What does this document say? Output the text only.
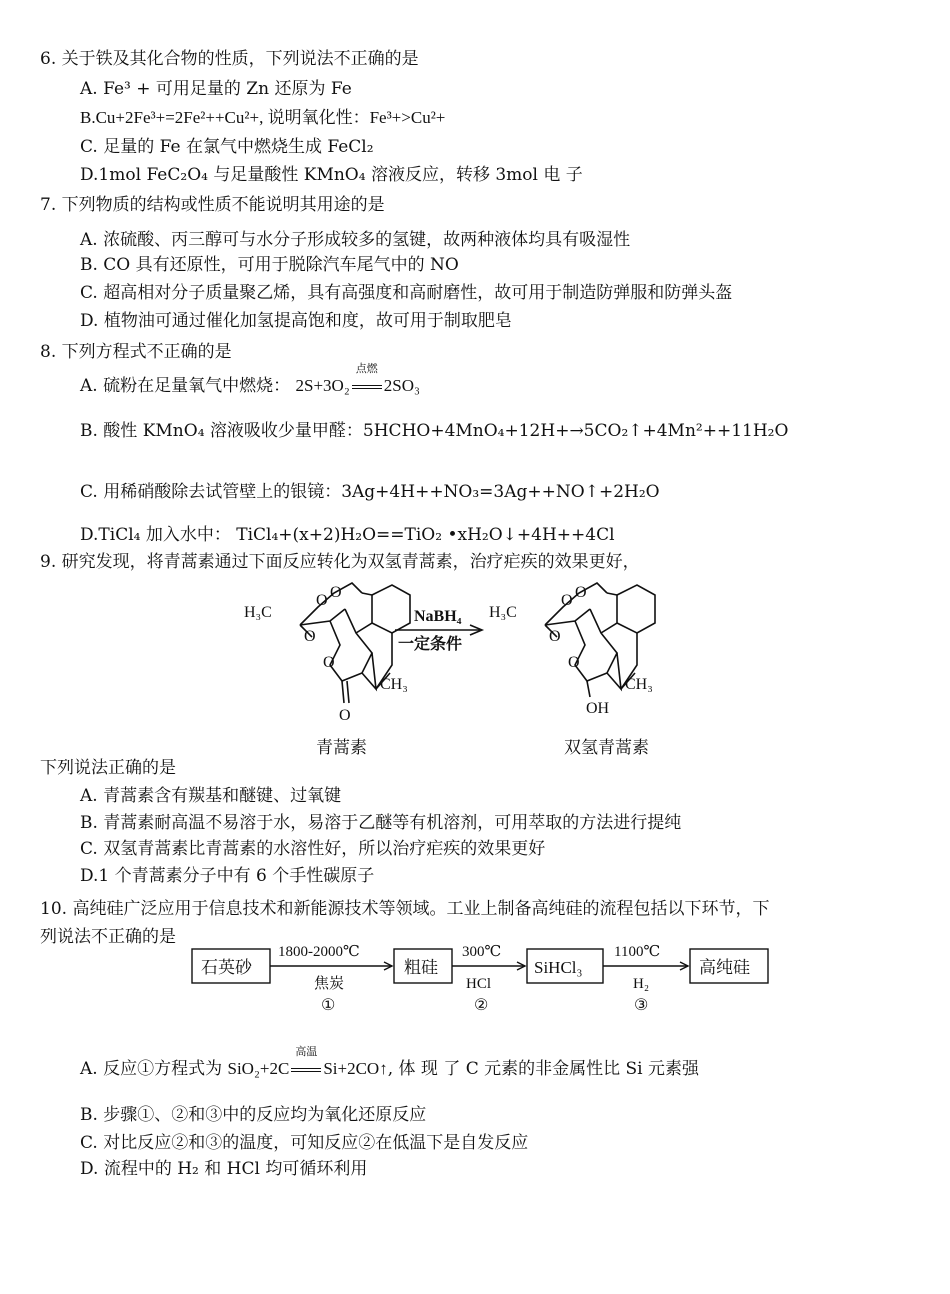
6. 关于铁及其化合物的性质，下列说法不正确的是
A. Fe³ + 可用足量的 Zn 还原为 Fe
B.Cu+2Fe³+=2Fe²++Cu²+, 说明氧化性：Fe³+>Cu²+
C. 足量的 Fe 在氯气中燃烧生成 FeCl₂
D.1mol FeC₂O₄ 与足量酸性 KMnO₄ 溶液反应，转移 3mol 电 子
7. 下列物质的结构或性质不能说明其用途的是
A. 浓硫酸、丙三醇可与水分子形成较多的氢键，故两种液体均具有吸湿性
B. CO 具有还原性，可用于脱除汽车尾气中的 NO
C. 超高相对分子质量聚乙烯，具有高强度和高耐磨性，故可用于制造防弹服和防弹头盔
D. 植物油可通过催化加氢提高饱和度，故可用于制取肥皂
8. 下列方程式不正确的是
A. 硫粉在足量氧气中燃烧： 2S+3O₂
点燃
2SO₃
B. 酸性 KMnO₄ 溶液吸收少量甲醛：5HCHO+4MnO₄+12H+→5CO₂↑+4Mn²++11H₂O
C. 用稀硝酸除去试管壁上的银镜：3Ag+4H++NO₃=3Ag++NO↑+2H₂O
D.TiCl₄ 加入水中： TiCl₄+(x+2)H₂O==TiO₂ •xH₂O↓+4H++4Cl
9. 研究发现，将青蒿素通过下面反应转化为双氢青蒿素，治疗疟疾的效果更好，
H₃C
CH₃
O
O O
O
O
NaBH₄
一定条件
H₃C
CH₃
OH
O O
O
O
青蒿素	双氢青蒿素
下列说法正确的是
A. 青蒿素含有羰基和醚键、过氧键
B. 青蒿素耐高温不易溶于水，易溶于乙醚等有机溶剂，可用萃取的方法进行提纯
C. 双氢青蒿素比青蒿素的水溶性好，所以治疗疟疾的效果更好
D.1 个青蒿素分子中有 6 个手性碳原子
10. 高纯硅广泛应用于信息技术和新能源技术等领域。工业上制备高纯硅的流程包括以下环节，下
列说法不正确的是
石英砂	粗硅	SiHCl₃	高纯硅
1800-2000℃
焦炭
①
300℃
HCl
②
1100℃
H₂
③
A. 反应①方程式为 SiO₂+2C
高温
Si+2CO↑, 体 现 了 C 元素的非金属性比 Si 元素强
B. 步骤①、②和③中的反应均为氧化还原反应
C. 对比反应②和③的温度，可知反应②在低温下是自发反应
D. 流程中的 H₂ 和 HCl 均可循环利用
